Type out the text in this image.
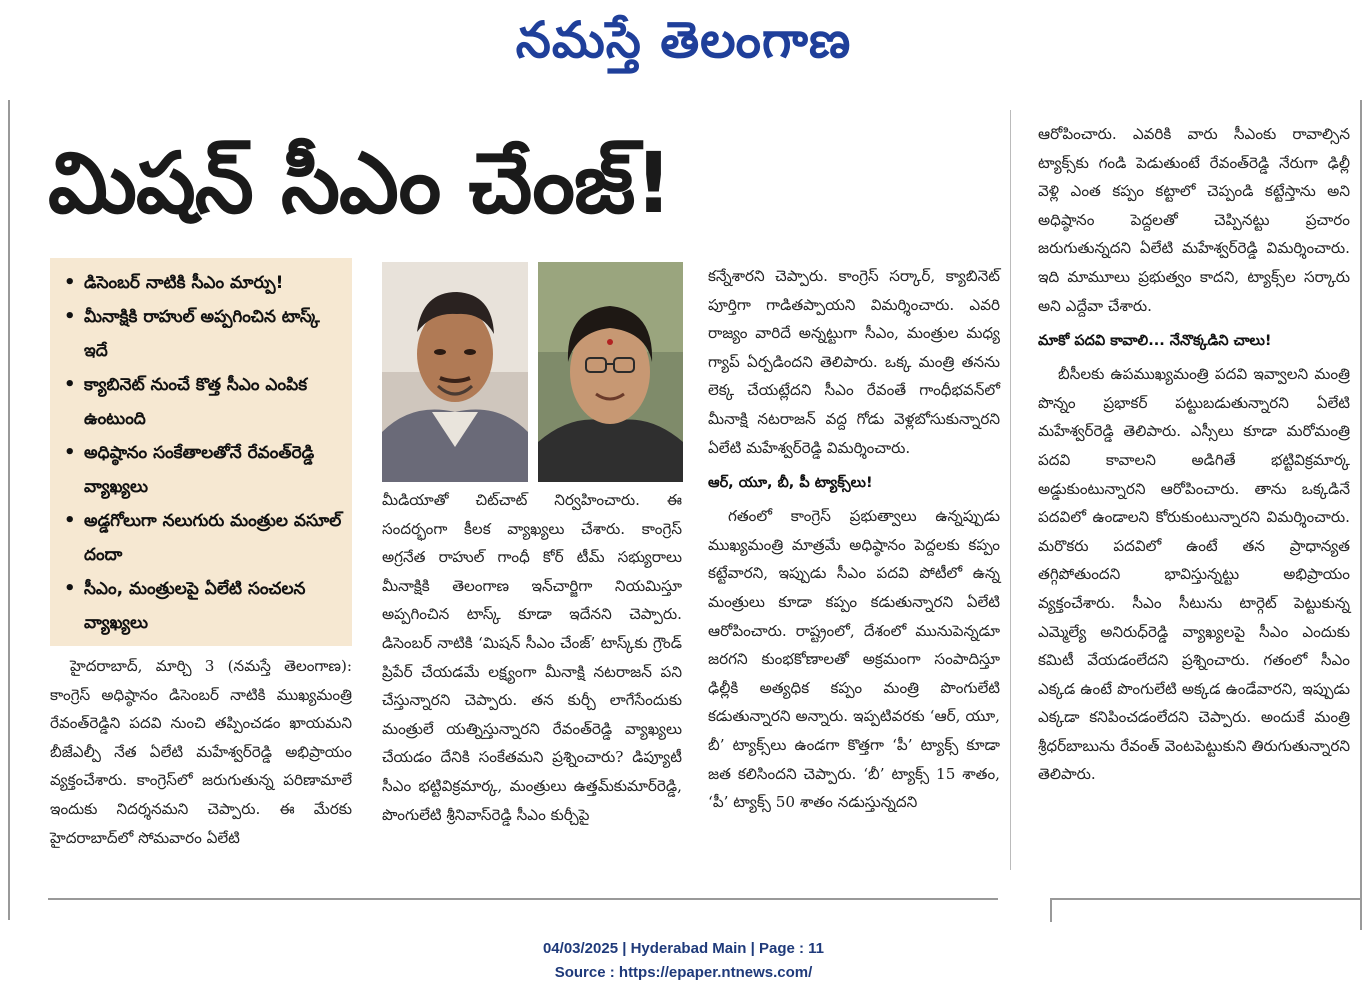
నమస్తే తెలంగాణ
మిషన్ సీఎం చేంజ్!
• డిసెంబర్ నాటికి సీఎం మార్పు!
• మీనాక్షికి రాహుల్ అప్పగించిన టాస్క్ ఇదే
• క్యాబినెట్ నుంచే కొత్త సీఎం ఎంపిక ఉంటుంది
• అధిష్ఠానం సంకేతాలతోనే రేవంత్‌రెడ్డి వ్యాఖ్యలు
• అడ్డగోలుగా నలుగురు మంత్రుల వసూల్ దందా
• సీఎం, మంత్రులపై ఏలేటి సంచలన వ్యాఖ్యలు

హైదరాబాద్, మార్చి 3 (నమస్తే తెలంగాణ): కాంగ్రెస్ అధిష్ఠానం డిసెంబర్ నాటికి ముఖ్యమంత్రి రేవంత్‌రెడ్డిని పదవి నుంచి తప్పించడం ఖాయమని బీజేఎల్పీ నేత ఏలేటి మహేశ్వర్‌రెడ్డి అభిప్రాయం వ్యక్తంచేశారు. కాంగ్రెస్‌లో జరుగుతున్న పరిణామాలే ఇందుకు నిదర్శనమని చెప్పారు. ఈ మేరకు హైదరాబాద్‌లో సోమవారం ఏలేటి

మీడియాతో చిట్‌చాట్ నిర్వహించారు. ఈ సందర్భంగా కీలక వ్యాఖ్యలు చేశారు. కాంగ్రెస్ అగ్రనేత రాహుల్ గాంధీ కోర్ టీమ్ సభ్యురాలు మీనాక్షికి తెలంగాణ ఇన్‌చార్జిగా నియమిస్తూ అప్పగించిన టాస్క్ కూడా ఇదేనని చెప్పారు. డిసెంబర్ నాటికి ‘మిషన్ సీఎం చేంజ్’ టాస్క్‌కు గ్రౌండ్ ప్రిపేర్ చేయడమే లక్ష్యంగా మీనాక్షి నటరాజన్ పని చేస్తున్నారని చెప్పారు. తన కుర్చీ లాగేసేందుకు మంత్రులే యత్నిస్తున్నారని రేవంత్‌రెడ్డి వ్యాఖ్యలు చేయడం దేనికి సంకేతమని ప్రశ్నించారు? డిప్యూటీ సీఎం భట్టివిక్రమార్క, మంత్రులు ఉత్తమ్‌కుమార్‌రెడ్డి, పొంగులేటి శ్రీనివాస్‌రెడ్డి సీఎం కుర్చీపై

కన్నేశారని చెప్పారు. కాంగ్రెస్ సర్కార్, క్యాబినెట్ పూర్తిగా గాడితప్పాయని విమర్శించారు. ఎవరి రాజ్యం వారిదే అన్నట్టుగా సీఎం, మంత్రుల మధ్య గ్యాప్ ఏర్పడిందని తెలిపారు. ఒక్క మంత్రి తనను లెక్క చేయట్లేదని సీఎం రేవంతే గాంధీభవన్‌లో మీనాక్షి నటరాజన్ వద్ద గోడు వెళ్లబోసుకున్నారని ఏలేటి మహేశ్వర్‌రెడ్డి విమర్శించారు.

ఆర్, యూ, బీ, పీ ట్యాక్స్‌లు!

గతంలో కాంగ్రెస్ ప్రభుత్వాలు ఉన్నప్పుడు ముఖ్యమంత్రి మాత్రమే అధిష్ఠానం పెద్దలకు కప్పం కట్టేవారని, ఇప్పుడు సీఎం పదవి పోటీలో ఉన్న మంత్రులు కూడా కప్పం కడుతున్నారని ఏలేటి ఆరోపించారు. రాష్ట్రంలో, దేశంలో మునుపెన్నడూ జరగని కుంభకోణాలతో అక్రమంగా సంపాదిస్తూ ఢిల్లీకి అత్యధిక కప్పం మంత్రి పొంగులేటి కడుతున్నారని అన్నారు. ఇప్పటివరకు ‘ఆర్, యూ, బీ’ ట్యాక్స్‌లు ఉండగా కొత్తగా ‘పీ’ ట్యాక్స్ కూడా జత కలిసిందని చెప్పారు. ‘బీ’ ట్యాక్స్ 15 శాతం, ‘పీ’ ట్యాక్స్ 50 శాతం నడుస్తున్నదని

ఆరోపించారు. ఎవరికి వారు సీఎంకు రావాల్సిన ట్యాక్స్‌కు గండి పెడుతుంటే రేవంత్‌రెడ్డి నేరుగా ఢిల్లీ వెళ్లి ఎంత కప్పం కట్టాలో చెప్పండి కట్టేస్తాను అని అధిష్ఠానం పెద్దలతో చెప్పినట్టు ప్రచారం జరుగుతున్నదని ఏలేటి మహేశ్వర్‌రెడ్డి విమర్శించారు. ఇది మామూలు ప్రభుత్వం కాదని, ట్యాక్స్‌ల సర్కారు అని ఎద్దేవా చేశారు.

మాకో పదవి కావాలి... నేనొక్కడిని చాలు!

బీసీలకు ఉపముఖ్యమంత్రి పదవి ఇవ్వాలని మంత్రి పొన్నం ప్రభాకర్ పట్టుబడుతున్నారని ఏలేటి మహేశ్వర్‌రెడ్డి తెలిపారు. ఎస్సీలు కూడా మరోమంత్రి పదవి కావాలని అడిగితే భట్టివిక్రమార్క అడ్డుకుంటున్నారని ఆరోపించారు. తాను ఒక్కడినే పదవిలో ఉండాలని కోరుకుంటున్నారని విమర్శించారు. మరొకరు పదవిలో ఉంటే తన ప్రాధాన్యత తగ్గిపోతుందని భావిస్తున్నట్టు అభిప్రాయం వ్యక్తంచేశారు. సీఎం సీటును టార్గెట్ పెట్టుకున్న ఎమ్మెల్యే అనిరుధ్‌రెడ్డి వ్యాఖ్యలపై సీఎం ఎందుకు కమిటీ వేయడంలేదని ప్రశ్నించారు. గతంలో సీఎం ఎక్కడ ఉంటే పొంగులేటి అక్కడ ఉండేవారని, ఇప్పుడు ఎక్కడా కనిపించడంలేదని చెప్పారు. అందుకే మంత్రి శ్రీధర్‌బాబును రేవంత్ వెంటపెట్టుకుని తిరుగుతున్నారని తెలిపారు.

04/03/2025 | Hyderabad Main | Page : 11
Source : https://epaper.ntnews.com/
